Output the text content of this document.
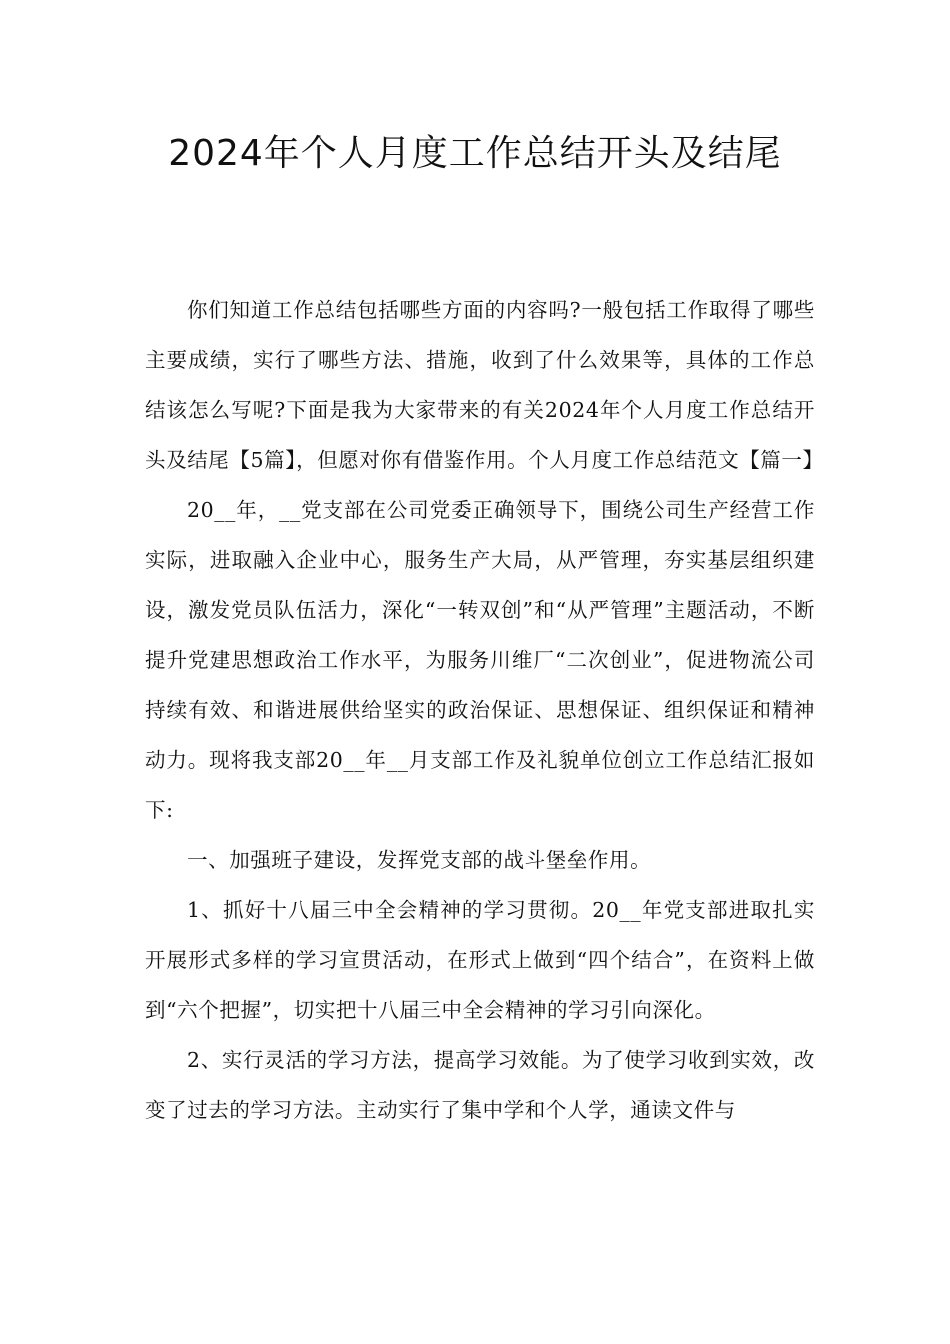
2024年个人月度工作总结开头及结尾

你们知道工作总结包括哪些方面的内容吗?一般包括工作取得了哪些主要成绩，实行了哪些方法、措施，收到了什么效果等，具体的工作总结该怎么写呢?下面是我为大家带来的有关2024年个人月度工作总结开头及结尾【5篇】，但愿对你有借鉴作用。个人月度工作总结范文【篇一】

20__年，__党支部在公司党委正确领导下，围绕公司生产经营工作实际，进取融入企业中心，服务生产大局，从严管理，夯实基层组织建设，激发党员队伍活力，深化“一转双创”和“从严管理”主题活动，不断提升党建思想政治工作水平，为服务川维厂“二次创业”，促进物流公司持续有效、和谐进展供给坚实的政治保证、思想保证、组织保证和精神动力。现将我支部20__年__月支部工作及礼貌单位创立工作总结汇报如下:

一、加强班子建设，发挥党支部的战斗堡垒作用。

1、抓好十八届三中全会精神的学习贯彻。20__年党支部进取扎实开展形式多样的学习宣贯活动，在形式上做到“四个结合”，在资料上做到“六个把握”，切实把十八届三中全会精神的学习引向深化。

2、实行灵活的学习方法，提高学习效能。为了使学习收到实效，改变了过去的学习方法。主动实行了集中学和个人学，通读文件与
